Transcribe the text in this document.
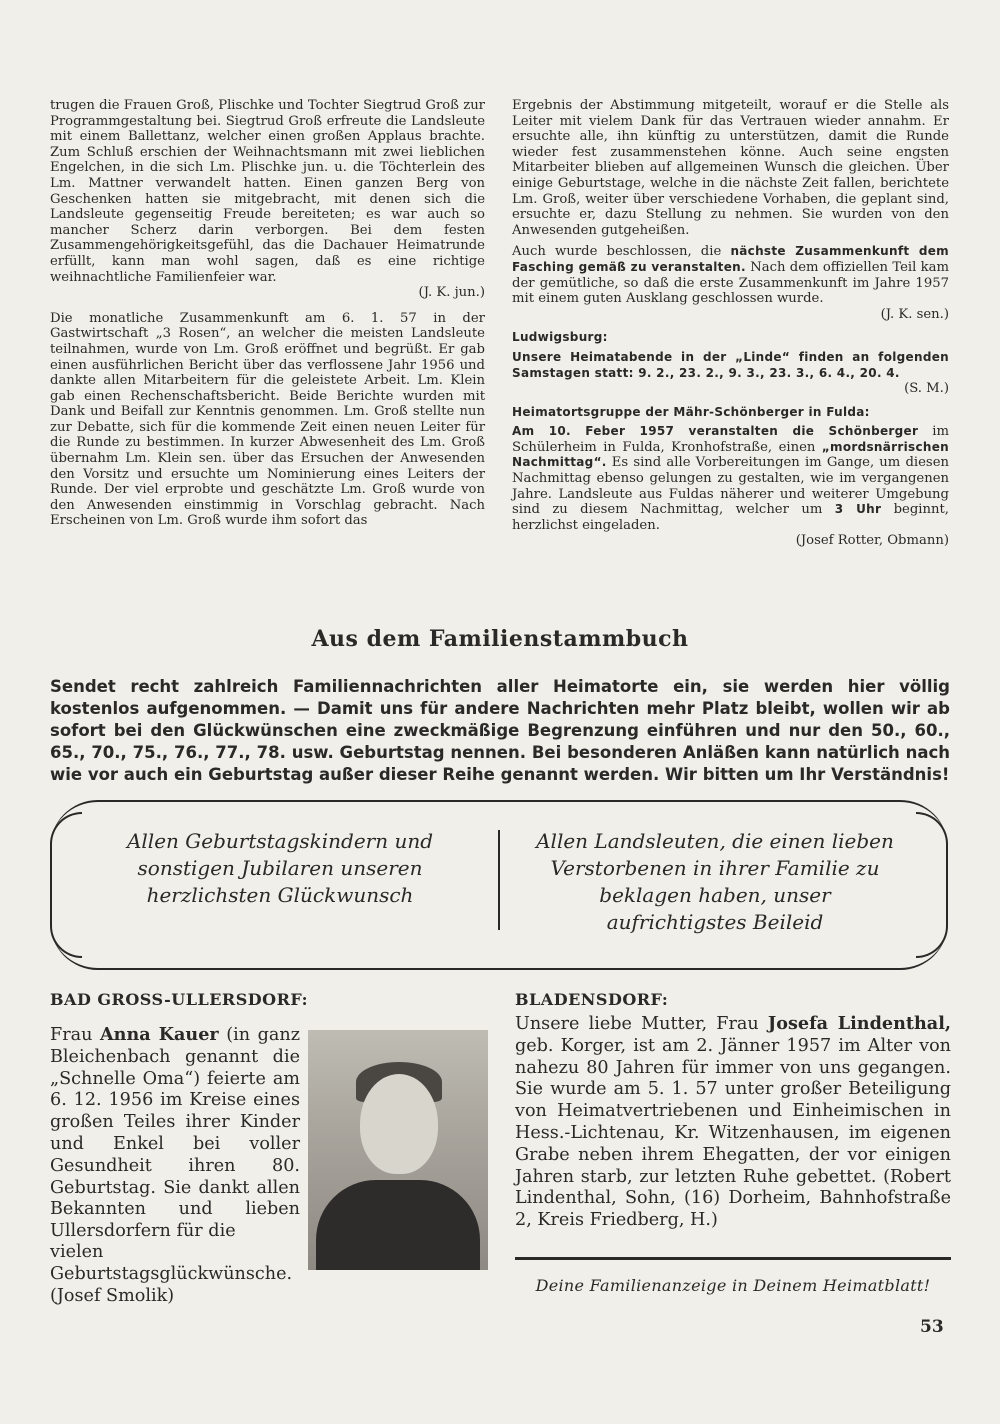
trugen die Frauen Groß, Plischke und Tochter Siegtrud Groß zur Programmgestaltung bei. Siegtrud Groß erfreute die Landsleute mit einem Ballettanz, welcher einen großen Applaus brachte. Zum Schluß erschien der Weihnachtsmann mit zwei lieblichen Engelchen, in die sich Lm. Plischke jun. u. die Töchterlein des Lm. Mattner verwandelt hatten. Einen ganzen Berg von Geschenken hatten sie mitgebracht, mit denen sich die Landsleute gegenseitig Freude bereiteten; es war auch so mancher Scherz darin verborgen. Bei dem festen Zusammengehörigkeitsgefühl, das die Dachauer Heimatrunde erfüllt, kann man wohl sagen, daß es eine richtige weihnachtliche Familienfeier war.
(J. K. jun.)

Die monatliche Zusammenkunft am 6. 1. 57 in der Gastwirtschaft „3 Rosen“, an welcher die meisten Landsleute teilnahmen, wurde von Lm. Groß eröffnet und begrüßt. Er gab einen ausführlichen Bericht über das verflossene Jahr 1956 und dankte allen Mitarbeitern für die geleistete Arbeit. Lm. Klein gab einen Rechenschaftsbericht. Beide Berichte wurden mit Dank und Beifall zur Kenntnis genommen. Lm. Groß stellte nun zur Debatte, sich für die kommende Zeit einen neuen Leiter für die Runde zu bestimmen. In kurzer Abwesenheit des Lm. Groß übernahm Lm. Klein sen. über das Ersuchen der Anwesenden den Vorsitz und ersuchte um Nominierung eines Leiters der Runde. Der viel erprobte und geschätzte Lm. Groß wurde von den Anwesenden einstimmig in Vorschlag gebracht. Nach Erscheinen von Lm. Groß wurde ihm sofort das

Ergebnis der Abstimmung mitgeteilt, worauf er die Stelle als Leiter mit vielem Dank für das Vertrauen wieder annahm. Er ersuchte alle, ihn künftig zu unterstützen, damit die Runde wieder fest zusammenstehen könne. Auch seine engsten Mitarbeiter blieben auf allgemeinen Wunsch die gleichen. Über einige Geburtstage, welche in die nächste Zeit fallen, berichtete Lm. Groß, weiter über verschiedene Vorhaben, die geplant sind, ersuchte er, dazu Stellung zu nehmen. Sie wurden von den Anwesenden gutgeheißen.

Auch wurde beschlossen, die nächste Zusammenkunft dem Fasching gemäß zu veranstalten. Nach dem offiziellen Teil kam der gemütliche, so daß die erste Zusammenkunft im Jahre 1957 mit einem guten Ausklang geschlossen wurde.
(J. K. sen.)

Ludwigsburg:

Unsere Heimatabende in der „Linde“ finden an folgenden Samstagen statt: 9. 2., 23. 2., 9. 3., 23. 3., 6. 4., 20. 4.
(S. M.)

Heimatortsgruppe der Mähr-Schönberger in Fulda:

Am 10. Feber 1957 veranstalten die Schönberger im Schülerheim in Fulda, Kronhofstraße, einen „mordsnärrischen Nachmittag“. Es sind alle Vorbereitungen im Gange, um diesen Nachmittag ebenso gelungen zu gestalten, wie im vergangenen Jahre. Landsleute aus Fuldas näherer und weiterer Umgebung sind zu diesem Nachmittag, welcher um 3 Uhr beginnt, herzlichst eingeladen.
(Josef Rotter, Obmann)

Aus dem Familienstammbuch
Sendet recht zahlreich Familiennachrichten aller Heimatorte ein, sie werden hier völlig kostenlos aufgenommen. — Damit uns für andere Nachrichten mehr Platz bleibt, wollen wir ab sofort bei den Glückwünschen eine zweckmäßige Begrenzung einführen und nur den 50., 60., 65., 70., 75., 76., 77., 78. usw. Geburtstag nennen. Bei besonderen Anläßen kann natürlich nach wie vor auch ein Geburtstag außer dieser Reihe genannt werden. Wir bitten um Ihr Verständnis!
Allen Geburtstagskindern und sonstigen Jubilaren unseren herzlichsten Glückwunsch
Allen Landsleuten, die einen lieben Verstorbenen in ihrer Familie zu beklagen haben, unser aufrichtigstes Beileid
BAD GROSS-ULLERSDORF:
Frau Anna Kauer (in ganz Bleichenbach genannt die „Schnelle Oma“) feierte am 6. 12. 1956 im Kreise eines großen Teiles ihrer Kinder und Enkel bei voller Gesundheit ihren 80. Geburtstag. Sie dankt allen Bekannten und lieben Ullersdorfern für die
vielen Geburtstagsglückwünsche. (Josef Smolik)
BLADENSDORF:
Unsere liebe Mutter, Frau Josefa Lindenthal, geb. Korger, ist am 2. Jänner 1957 im Alter von nahezu 80 Jahren für immer von uns gegangen. Sie wurde am 5. 1. 57 unter großer Beteiligung von Heimatvertriebenen und Einheimischen in Hess.-Lichtenau, Kr. Witzenhausen, im eigenen Grabe neben ihrem Ehegatten, der vor einigen Jahren starb, zur letzten Ruhe gebettet. (Robert Lindenthal, Sohn, (16) Dorheim, Bahnhofstraße 2, Kreis Friedberg, H.)
Deine Familienanzeige in Deinem Heimatblatt!
53
